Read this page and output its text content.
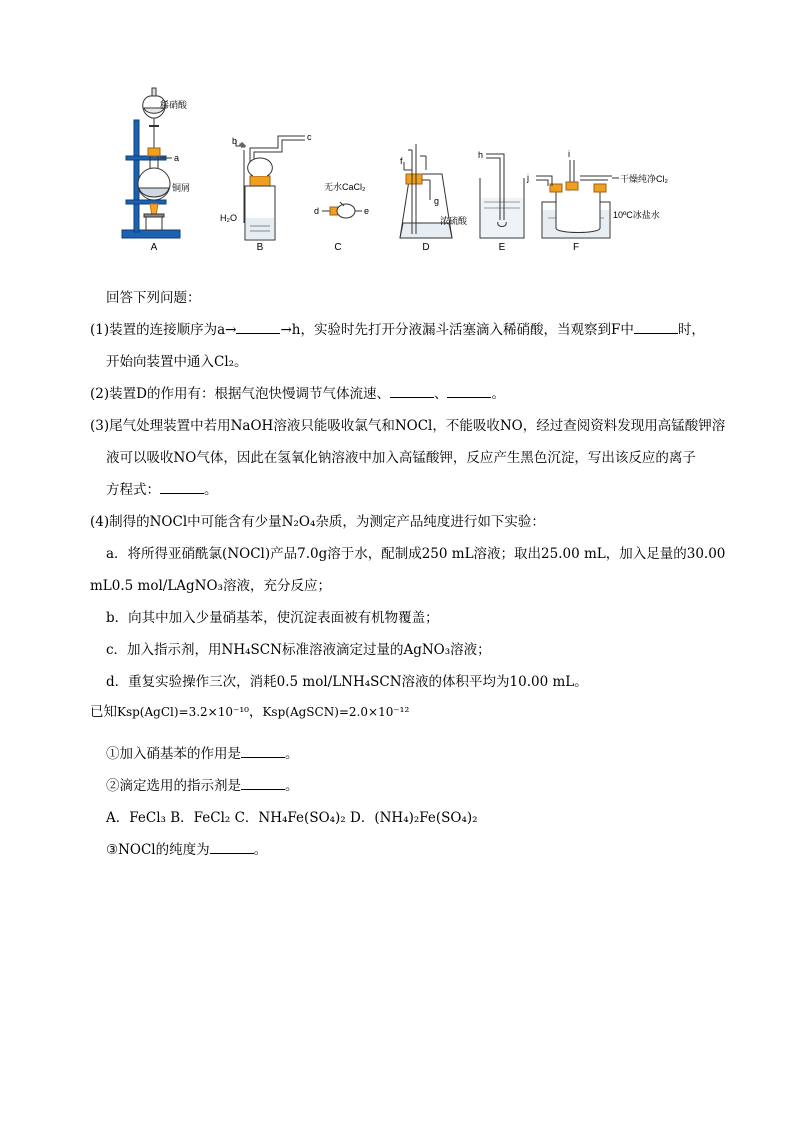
稀硝酸
a
铜屑
A
b	c
H₂O
B
无水CaCl₂
d	e
C
f
g
浓硫酸
D
h
E
i
j	干燥纯净Cl₂
10ºC冰盐水
F
回答下列问题：
(1)装置的连接顺序为a→	→h，实验时先打开分液漏斗活塞滴入稀硝酸，当观察到F中	时，
开始向装置中通入Cl₂。
(2)装置D的作用有：根据气泡快慢调节气体流速、	、	。
(3)尾气处理装置中若用NaOH溶液只能吸收氯气和NOCl，不能吸收NO，经过查阅资料发现用高锰酸钾溶
液可以吸收NO气体，因此在氢氧化钠溶液中加入高锰酸钾，反应产生黑色沉淀，写出该反应的离子
方程式：	。
(4)制得的NOCl中可能含有少量N₂O₄杂质，为测定产品纯度进行如下实验：
a．将所得亚硝酰氯(NOCl)产品7.0g溶于水，配制成250 mL溶液；取出25.00 mL，加入足量的30.00
mL0.5 mol/LAgNO₃溶液，充分反应；
b．向其中加入少量硝基苯，使沉淀表面被有机物覆盖；
c．加入指示剂，用NH₄SCN标准溶液滴定过量的AgNO₃溶液；
d．重复实验操作三次，消耗0.5 mol/LNH₄SCN溶液的体积平均为10.00 mL。
已知Ksp(AgCl)=3.2×10⁻¹⁰，Ksp(AgSCN)=2.0×10⁻¹²
①加入硝基苯的作用是	。
②滴定选用的指示剂是	。
A．FeCl₃ B．FeCl₂ C．NH₄Fe(SO₄)₂ D．(NH₄)₂Fe(SO₄)₂
③NOCl的纯度为	。
